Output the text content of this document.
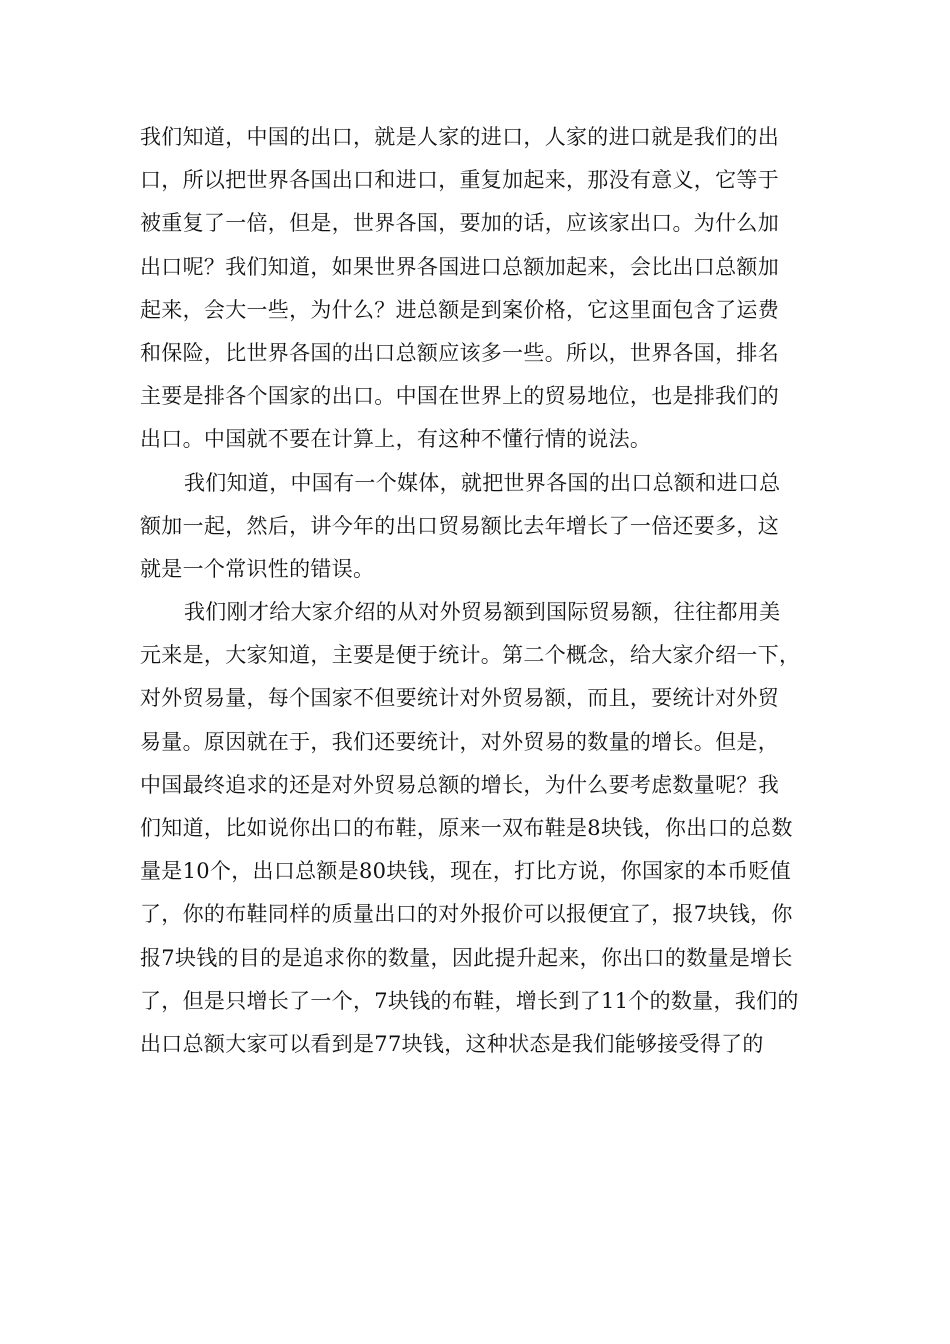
我们知道，中国的出口，就是人家的进口，人家的进口就是我们的出
口，所以把世界各国出口和进口，重复加起来，那没有意义，它等于
被重复了一倍，但是，世界各国，要加的话，应该家出口。为什么加
出口呢？我们知道，如果世界各国进口总额加起来，会比出口总额加
起来，会大一些，为什么？进总额是到案价格，它这里面包含了运费
和保险，比世界各国的出口总额应该多一些。所以，世界各国，排名
主要是排各个国家的出口。中国在世界上的贸易地位，也是排我们的
出口。中国就不要在计算上，有这种不懂行情的说法。
我们知道，中国有一个媒体，就把世界各国的出口总额和进口总
额加一起，然后，讲今年的出口贸易额比去年增长了一倍还要多，这
就是一个常识性的错误。
我们刚才给大家介绍的从对外贸易额到国际贸易额，往往都用美
元来是，大家知道，主要是便于统计。第二个概念，给大家介绍一下，
对外贸易量，每个国家不但要统计对外贸易额，而且，要统计对外贸
易量。原因就在于，我们还要统计，对外贸易的数量的增长。但是，
中国最终追求的还是对外贸易总额的增长，为什么要考虑数量呢？我
们知道，比如说你出口的布鞋，原来一双布鞋是8块钱，你出口的总数
量是10个，出口总额是80块钱，现在，打比方说，你国家的本币贬值
了，你的布鞋同样的质量出口的对外报价可以报便宜了，报7块钱，你
报7块钱的目的是追求你的数量，因此提升起来，你出口的数量是增长
了，但是只增长了一个，7块钱的布鞋，增长到了11个的数量，我们的
出口总额大家可以看到是77块钱，这种状态是我们能够接受得了的
